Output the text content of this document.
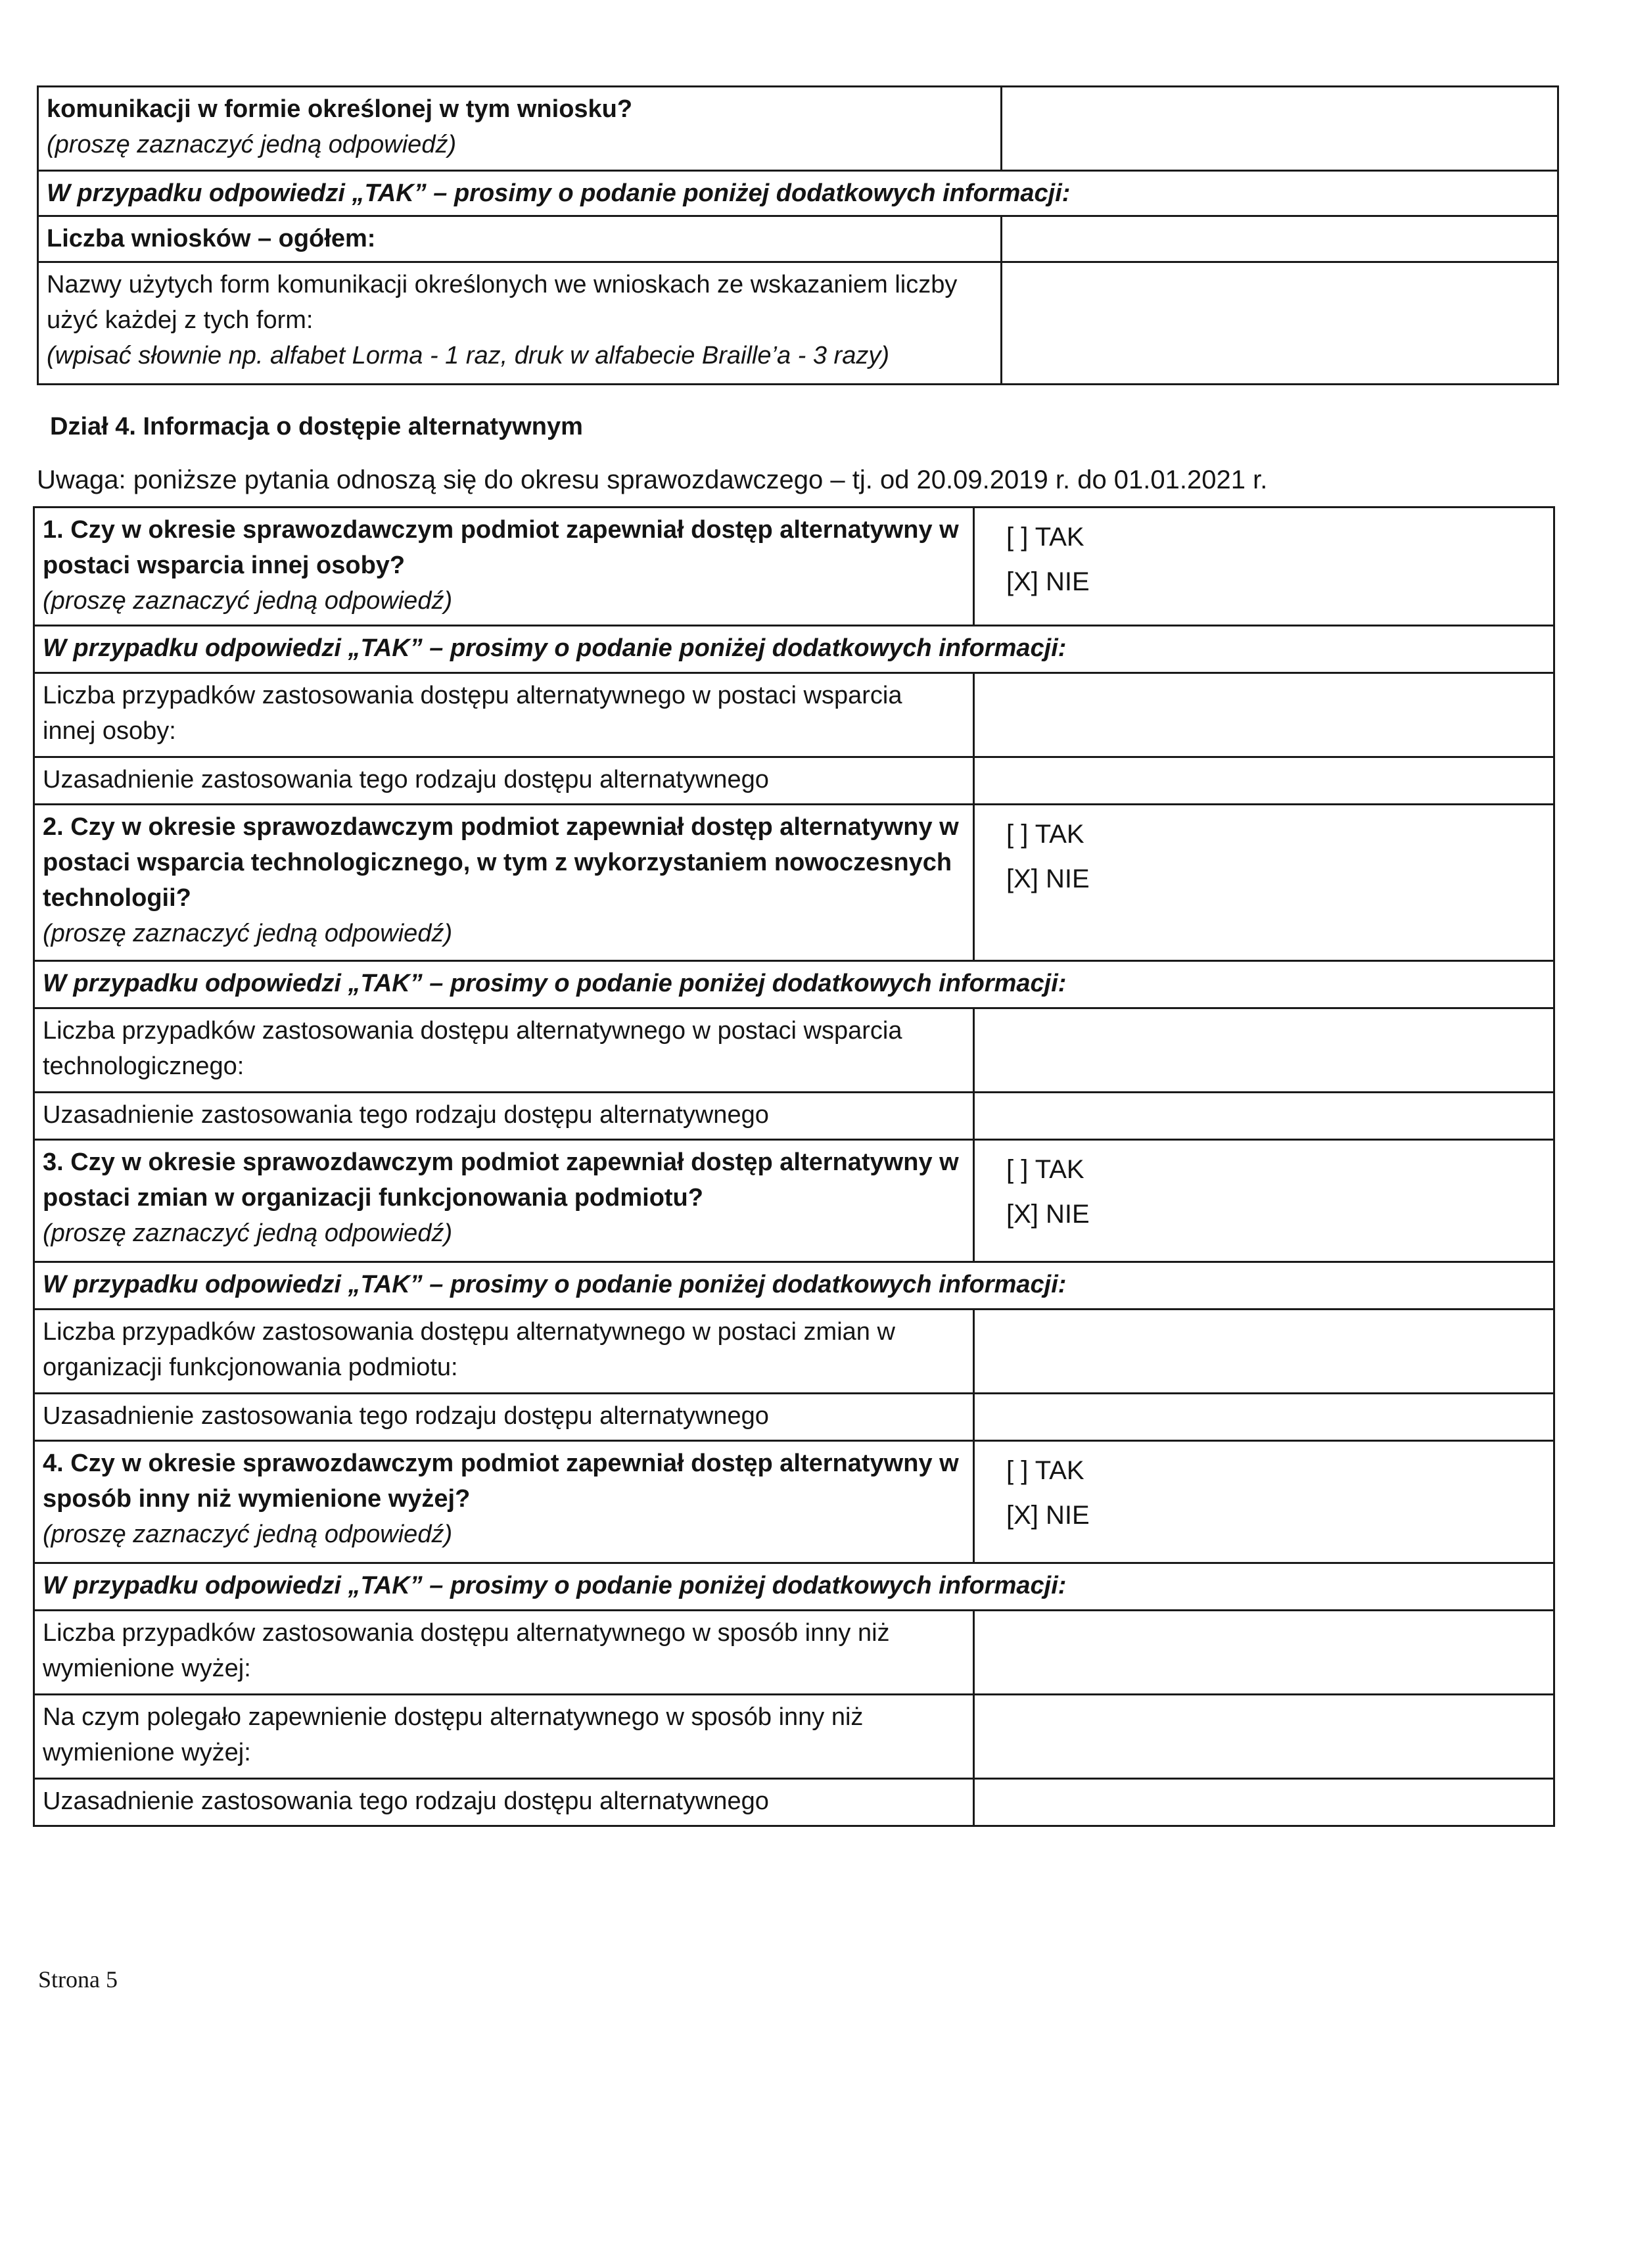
komunikacji w formie określonej w tym wniosku?
(proszę zaznaczyć jedną odpowiedź)	

W przypadku odpowiedzi „TAK” – prosimy o podanie poniżej dodatkowych informacji:	

Liczba wniosków – ogółem:	

Nazwy użytych form komunikacji określonych we wnioskach ze wskazaniem liczby
użyć każdej z tych form:
(wpisać słownie np. alfabet Lorma - 1 raz, druk w alfabecie Braille’a - 3 razy)	

Dział 4. Informacja o dostępie alternatywnym
Uwaga: poniższe pytania odnoszą się do okresu sprawozdawczego – tj. od 20.09.2019 r. do 01.01.2021 r.
1. Czy w okresie sprawozdawczym podmiot zapewniał dostęp alternatywny w
postaci wsparcia innej osoby?
(proszę zaznaczyć jedną odpowiedź)	[ ] TAK
[X] NIE

W przypadku odpowiedzi „TAK” – prosimy o podanie poniżej dodatkowych informacji:	

Liczba przypadków zastosowania dostępu alternatywnego w postaci wsparcia
innej osoby:	

Uzasadnienie zastosowania tego rodzaju dostępu alternatywnego	

2. Czy w okresie sprawozdawczym podmiot zapewniał dostęp alternatywny w
postaci wsparcia technologicznego, w tym z wykorzystaniem nowoczesnych
technologii?
(proszę zaznaczyć jedną odpowiedź)	[ ] TAK
[X] NIE

W przypadku odpowiedzi „TAK” – prosimy o podanie poniżej dodatkowych informacji:	

Liczba przypadków zastosowania dostępu alternatywnego w postaci wsparcia
technologicznego:	

Uzasadnienie zastosowania tego rodzaju dostępu alternatywnego	

3. Czy w okresie sprawozdawczym podmiot zapewniał dostęp alternatywny w
postaci zmian w organizacji funkcjonowania podmiotu?
(proszę zaznaczyć jedną odpowiedź)	[ ] TAK
[X] NIE

W przypadku odpowiedzi „TAK” – prosimy o podanie poniżej dodatkowych informacji:	

Liczba przypadków zastosowania dostępu alternatywnego w postaci zmian w
organizacji funkcjonowania podmiotu:	

Uzasadnienie zastosowania tego rodzaju dostępu alternatywnego	

4. Czy w okresie sprawozdawczym podmiot zapewniał dostęp alternatywny w
sposób inny niż wymienione wyżej?
(proszę zaznaczyć jedną odpowiedź)	[ ] TAK
[X] NIE

W przypadku odpowiedzi „TAK” – prosimy o podanie poniżej dodatkowych informacji:	

Liczba przypadków zastosowania dostępu alternatywnego w sposób inny niż
wymienione wyżej:	

Na czym polegało zapewnienie dostępu alternatywnego w sposób inny niż
wymienione wyżej:	

Uzasadnienie zastosowania tego rodzaju dostępu alternatywnego	
Strona 5
